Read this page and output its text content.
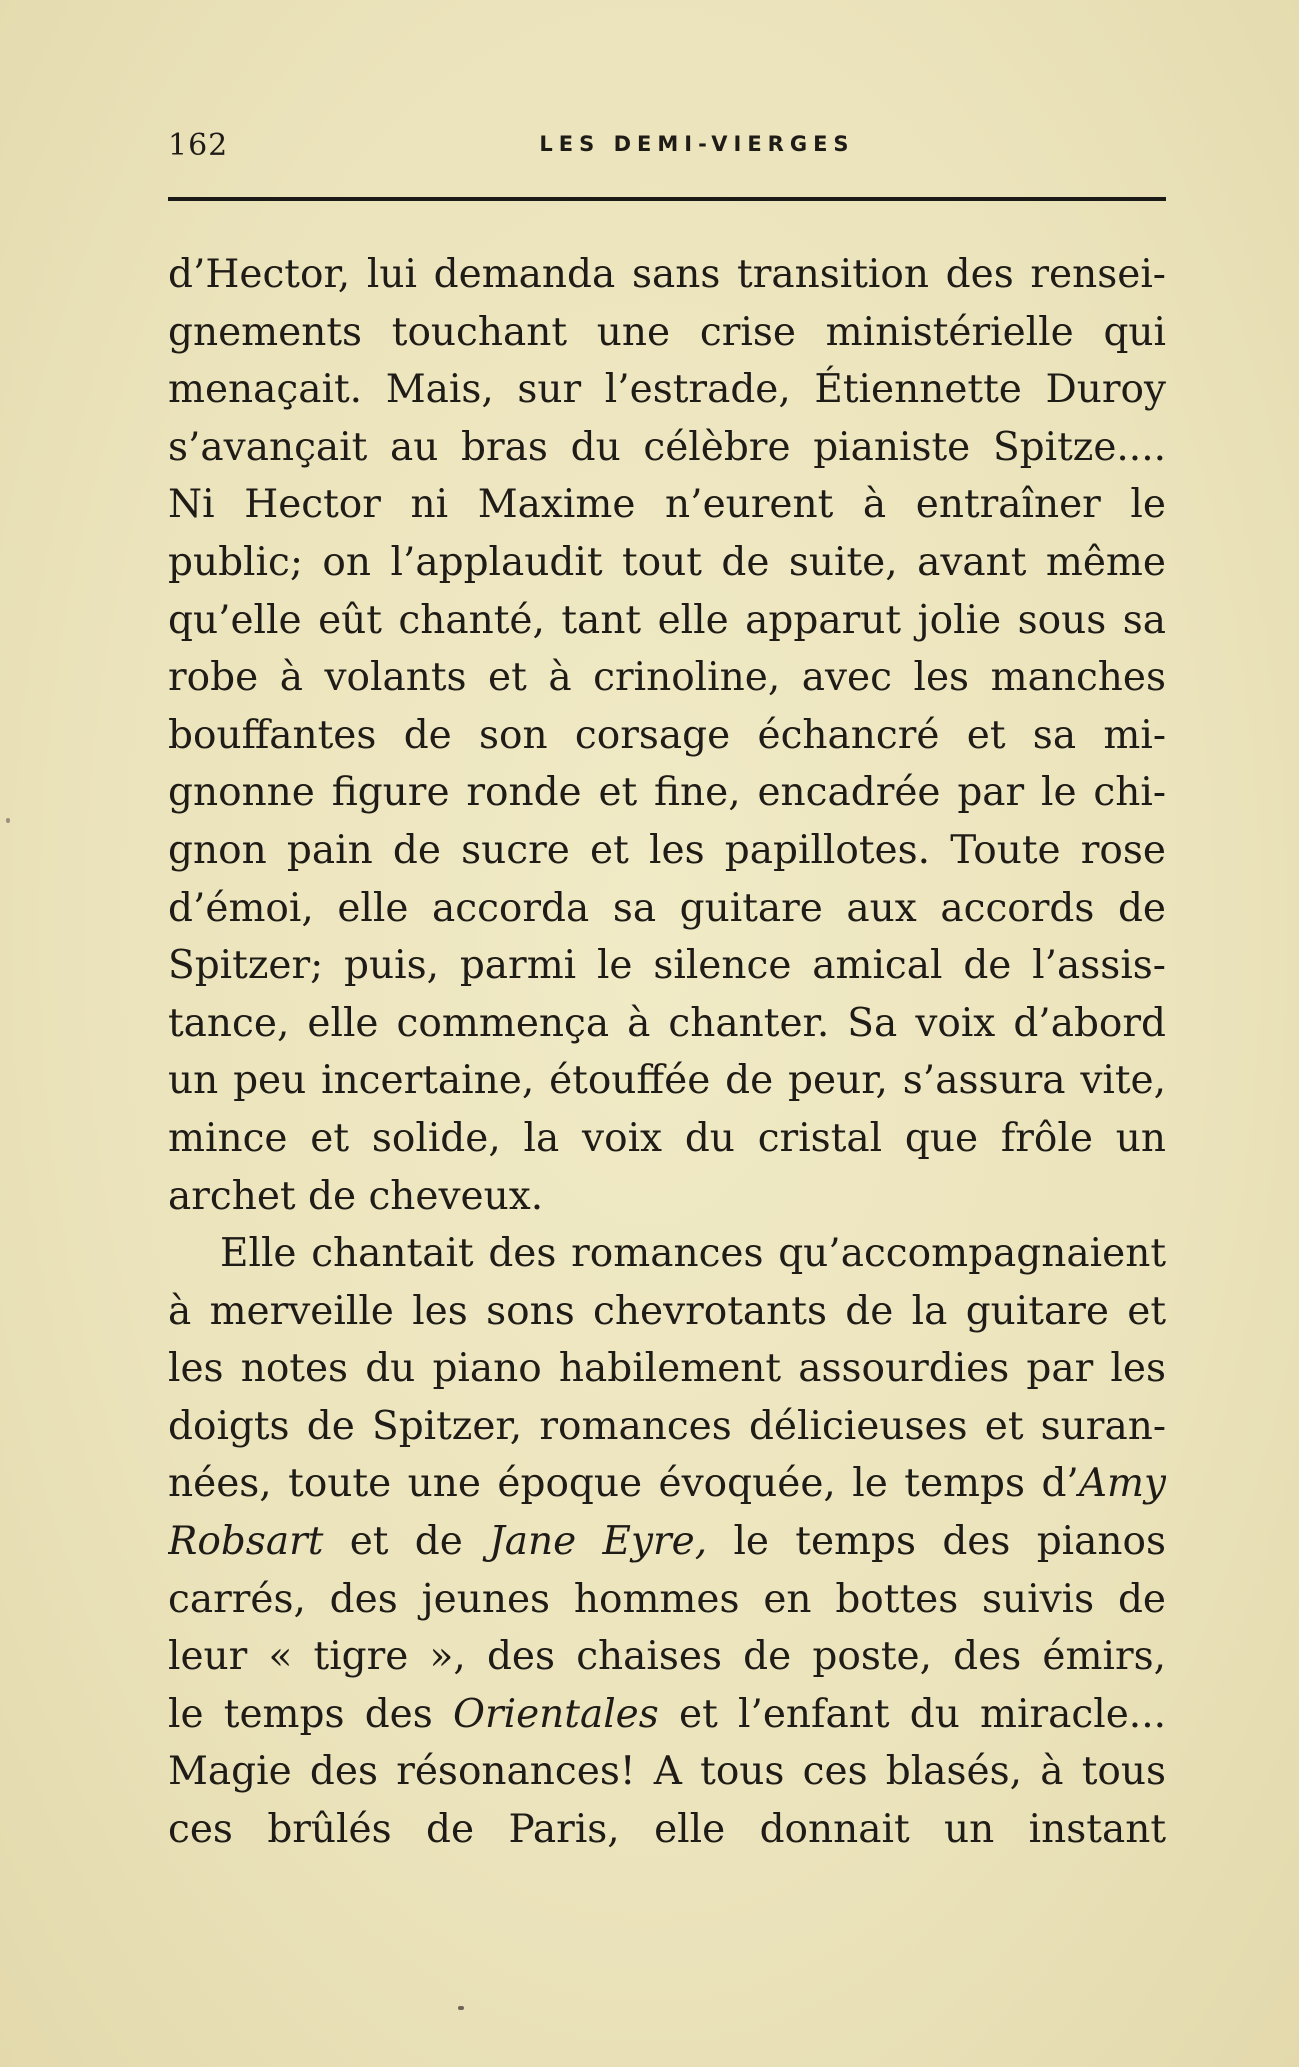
162	LES DEMI-VIERGES
d’Hector, lui demanda sans transition des rensei-
gnements touchant une crise ministérielle qui
menaçait. Mais, sur l’estrade, Étiennette Duroy
s’avançait au bras du célèbre pianiste Spitze....
Ni Hector ni Maxime n’eurent à entraîner le
public; on l’applaudit tout de suite, avant même
qu’elle eût chanté, tant elle apparut jolie sous sa
robe à volants et à crinoline, avec les manches
bouffantes de son corsage échancré et sa mi-
gnonne figure ronde et fine, encadrée par le chi-
gnon pain de sucre et les papillotes. Toute rose
d’émoi, elle accorda sa guitare aux accords de
Spitzer; puis, parmi le silence amical de l’assis-
tance, elle commença à chanter. Sa voix d’abord
un peu incertaine, étouffée de peur, s’assura vite,
mince et solide, la voix du cristal que frôle un
archet de cheveux.
Elle chantait des romances qu’accompagnaient
à merveille les sons chevrotants de la guitare et
les notes du piano habilement assourdies par les
doigts de Spitzer, romances délicieuses et suran-
nées, toute une époque évoquée, le temps d’Amy
Robsart et de Jane Eyre, le temps des pianos
carrés, des jeunes hommes en bottes suivis de
leur « tigre », des chaises de poste, des émirs,
le temps des Orientales et l’enfant du miracle...
Magie des résonances! A tous ces blasés, à tous
ces brûlés de Paris, elle donnait un instant
